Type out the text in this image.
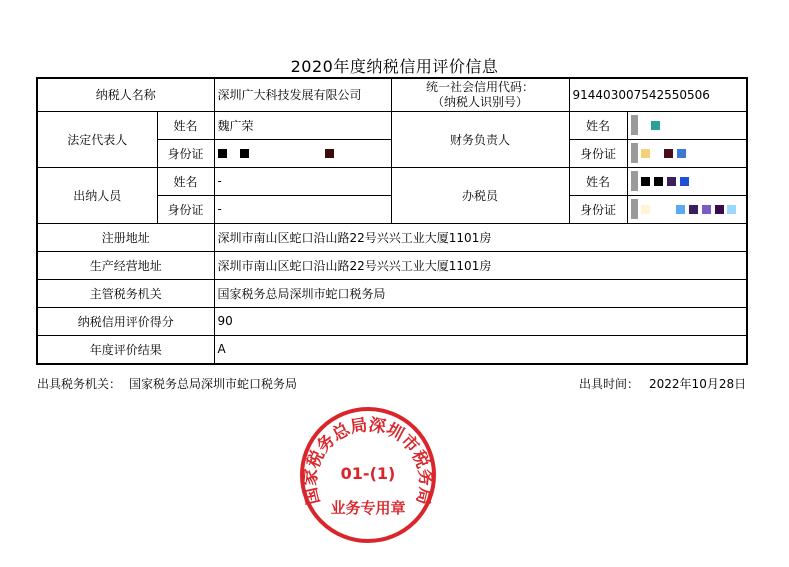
2020年度纳税信用评价信息
纳税人名称		深圳广大科技发展有限公司	统一社会信用代码：
（纳税人识别号）	914403007542550506	
法定代表人	姓名	魏广荣	财务负责人	姓名	
	身份证			身份证	
出纳人员	姓名	-	办税员	姓名	
	身份证	-		身份证	
注册地址		深圳市南山区蛇口沿山路22号兴兴工业大厦1101房			
生产经营地址		深圳市南山区蛇口沿山路22号兴兴工业大厦1101房			
主管税务机关		国家税务总局深圳市蛇口税务局			
纳税信用评价得分		90			
年度评价结果		A			
出具税务机关： 国家税务总局深圳市蛇口税务局	出具时间： 2022年10月28日
国家税务总局深圳市税务局
01-(1)
业务专用章
